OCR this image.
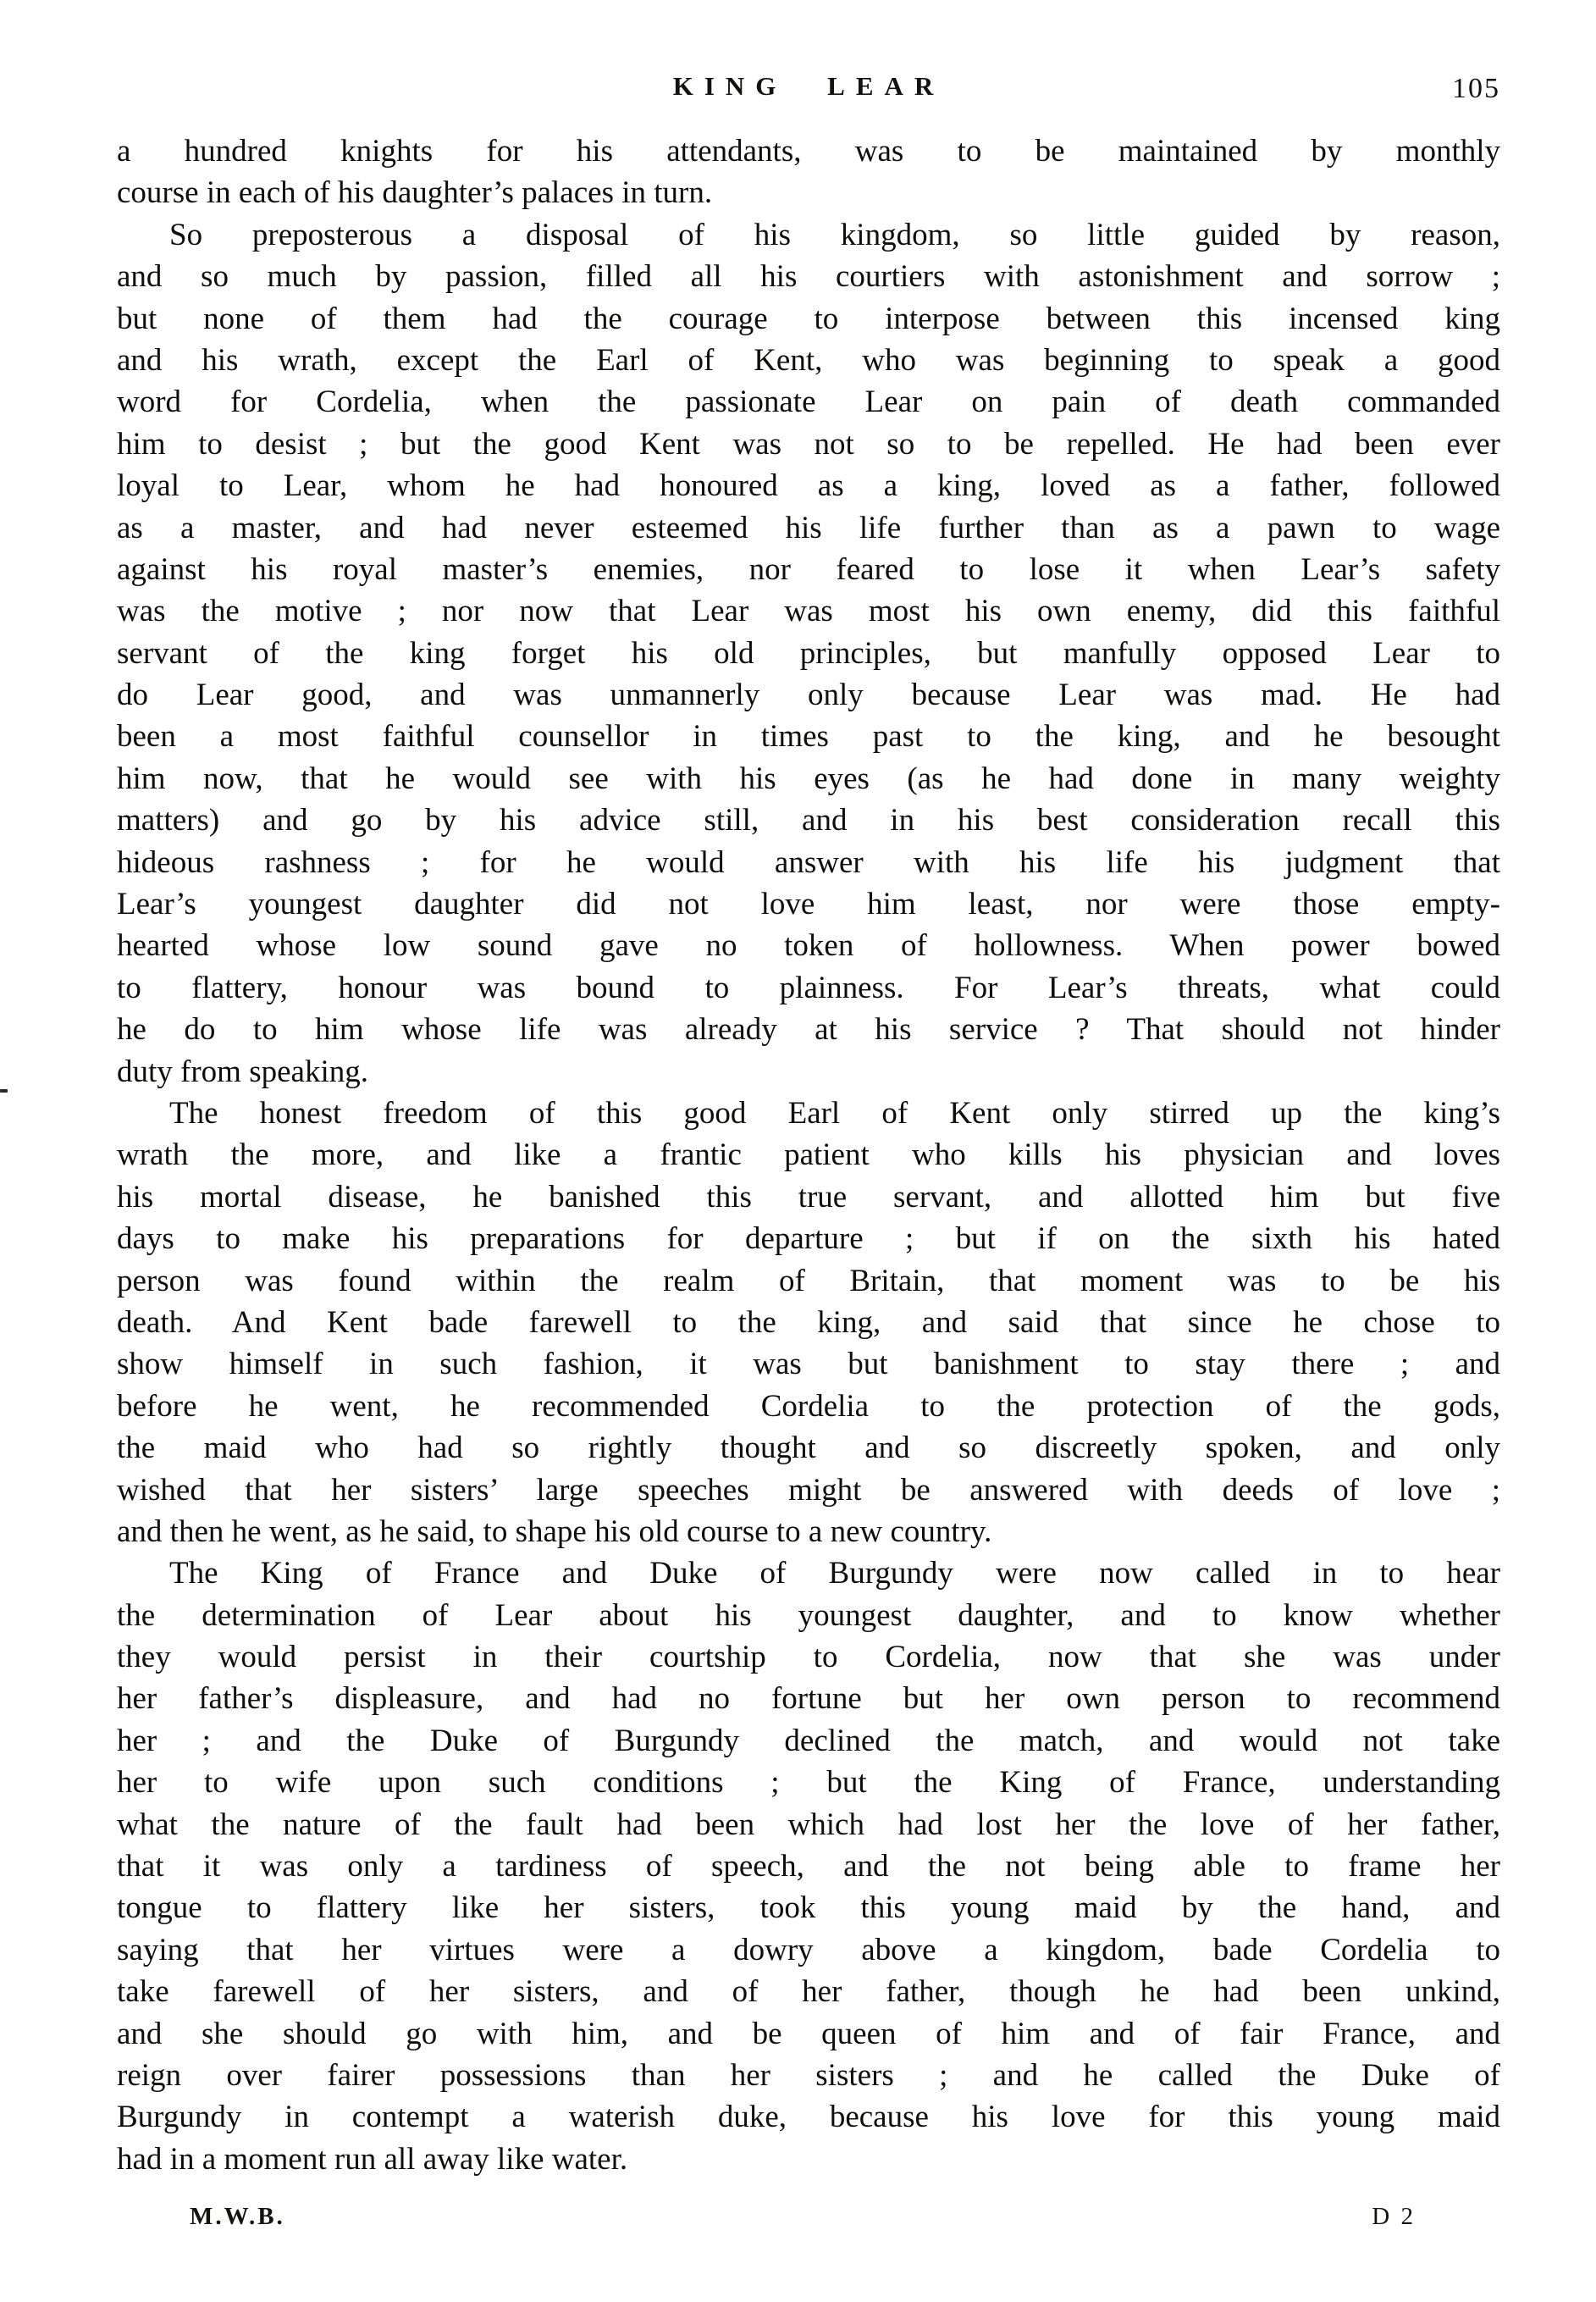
KING LEAR	105
a hundred knights for his attendants, was to be maintained by monthly
course in each of his daughter’s palaces in turn.
So preposterous a disposal of his kingdom, so little guided by reason,
and so much by passion, filled all his courtiers with astonishment and sorrow ;
but none of them had the courage to interpose between this incensed king
and his wrath, except the Earl of Kent, who was beginning to speak a good
word for Cordelia, when the passionate Lear on pain of death commanded
him to desist ; but the good Kent was not so to be repelled. He had been ever
loyal to Lear, whom he had honoured as a king, loved as a father, followed
as a master, and had never esteemed his life further than as a pawn to wage
against his royal master’s enemies, nor feared to lose it when Lear’s safety
was the motive ; nor now that Lear was most his own enemy, did this faithful
servant of the king forget his old principles, but manfully opposed Lear to
do Lear good, and was unmannerly only because Lear was mad. He had
been a most faithful counsellor in times past to the king, and he besought
him now, that he would see with his eyes (as he had done in many weighty
matters) and go by his advice still, and in his best consideration recall this
hideous rashness ; for he would answer with his life his judgment that
Lear’s youngest daughter did not love him least, nor were those empty-
hearted whose low sound gave no token of hollowness. When power bowed
to flattery, honour was bound to plainness. For Lear’s threats, what could
he do to him whose life was already at his service ? That should not hinder
duty from speaking.
The honest freedom of this good Earl of Kent only stirred up the king’s
wrath the more, and like a frantic patient who kills his physician and loves
his mortal disease, he banished this true servant, and allotted him but five
days to make his preparations for departure ; but if on the sixth his hated
person was found within the realm of Britain, that moment was to be his
death. And Kent bade farewell to the king, and said that since he chose to
show himself in such fashion, it was but banishment to stay there ; and
before he went, he recommended Cordelia to the protection of the gods,
the maid who had so rightly thought and so discreetly spoken, and only
wished that her sisters’ large speeches might be answered with deeds of love ;
and then he went, as he said, to shape his old course to a new country.
The King of France and Duke of Burgundy were now called in to hear
the determination of Lear about his youngest daughter, and to know whether
they would persist in their courtship to Cordelia, now that she was under
her father’s displeasure, and had no fortune but her own person to recommend
her ; and the Duke of Burgundy declined the match, and would not take
her to wife upon such conditions ; but the King of France, understanding
what the nature of the fault had been which had lost her the love of her father,
that it was only a tardiness of speech, and the not being able to frame her
tongue to flattery like her sisters, took this young maid by the hand, and
saying that her virtues were a dowry above a kingdom, bade Cordelia to
take farewell of her sisters, and of her father, though he had been unkind,
and she should go with him, and be queen of him and of fair France, and
reign over fairer possessions than her sisters ; and he called the Duke of
Burgundy in contempt a waterish duke, because his love for this young maid
had in a moment run all away like water.
M.W.B.	D 2
